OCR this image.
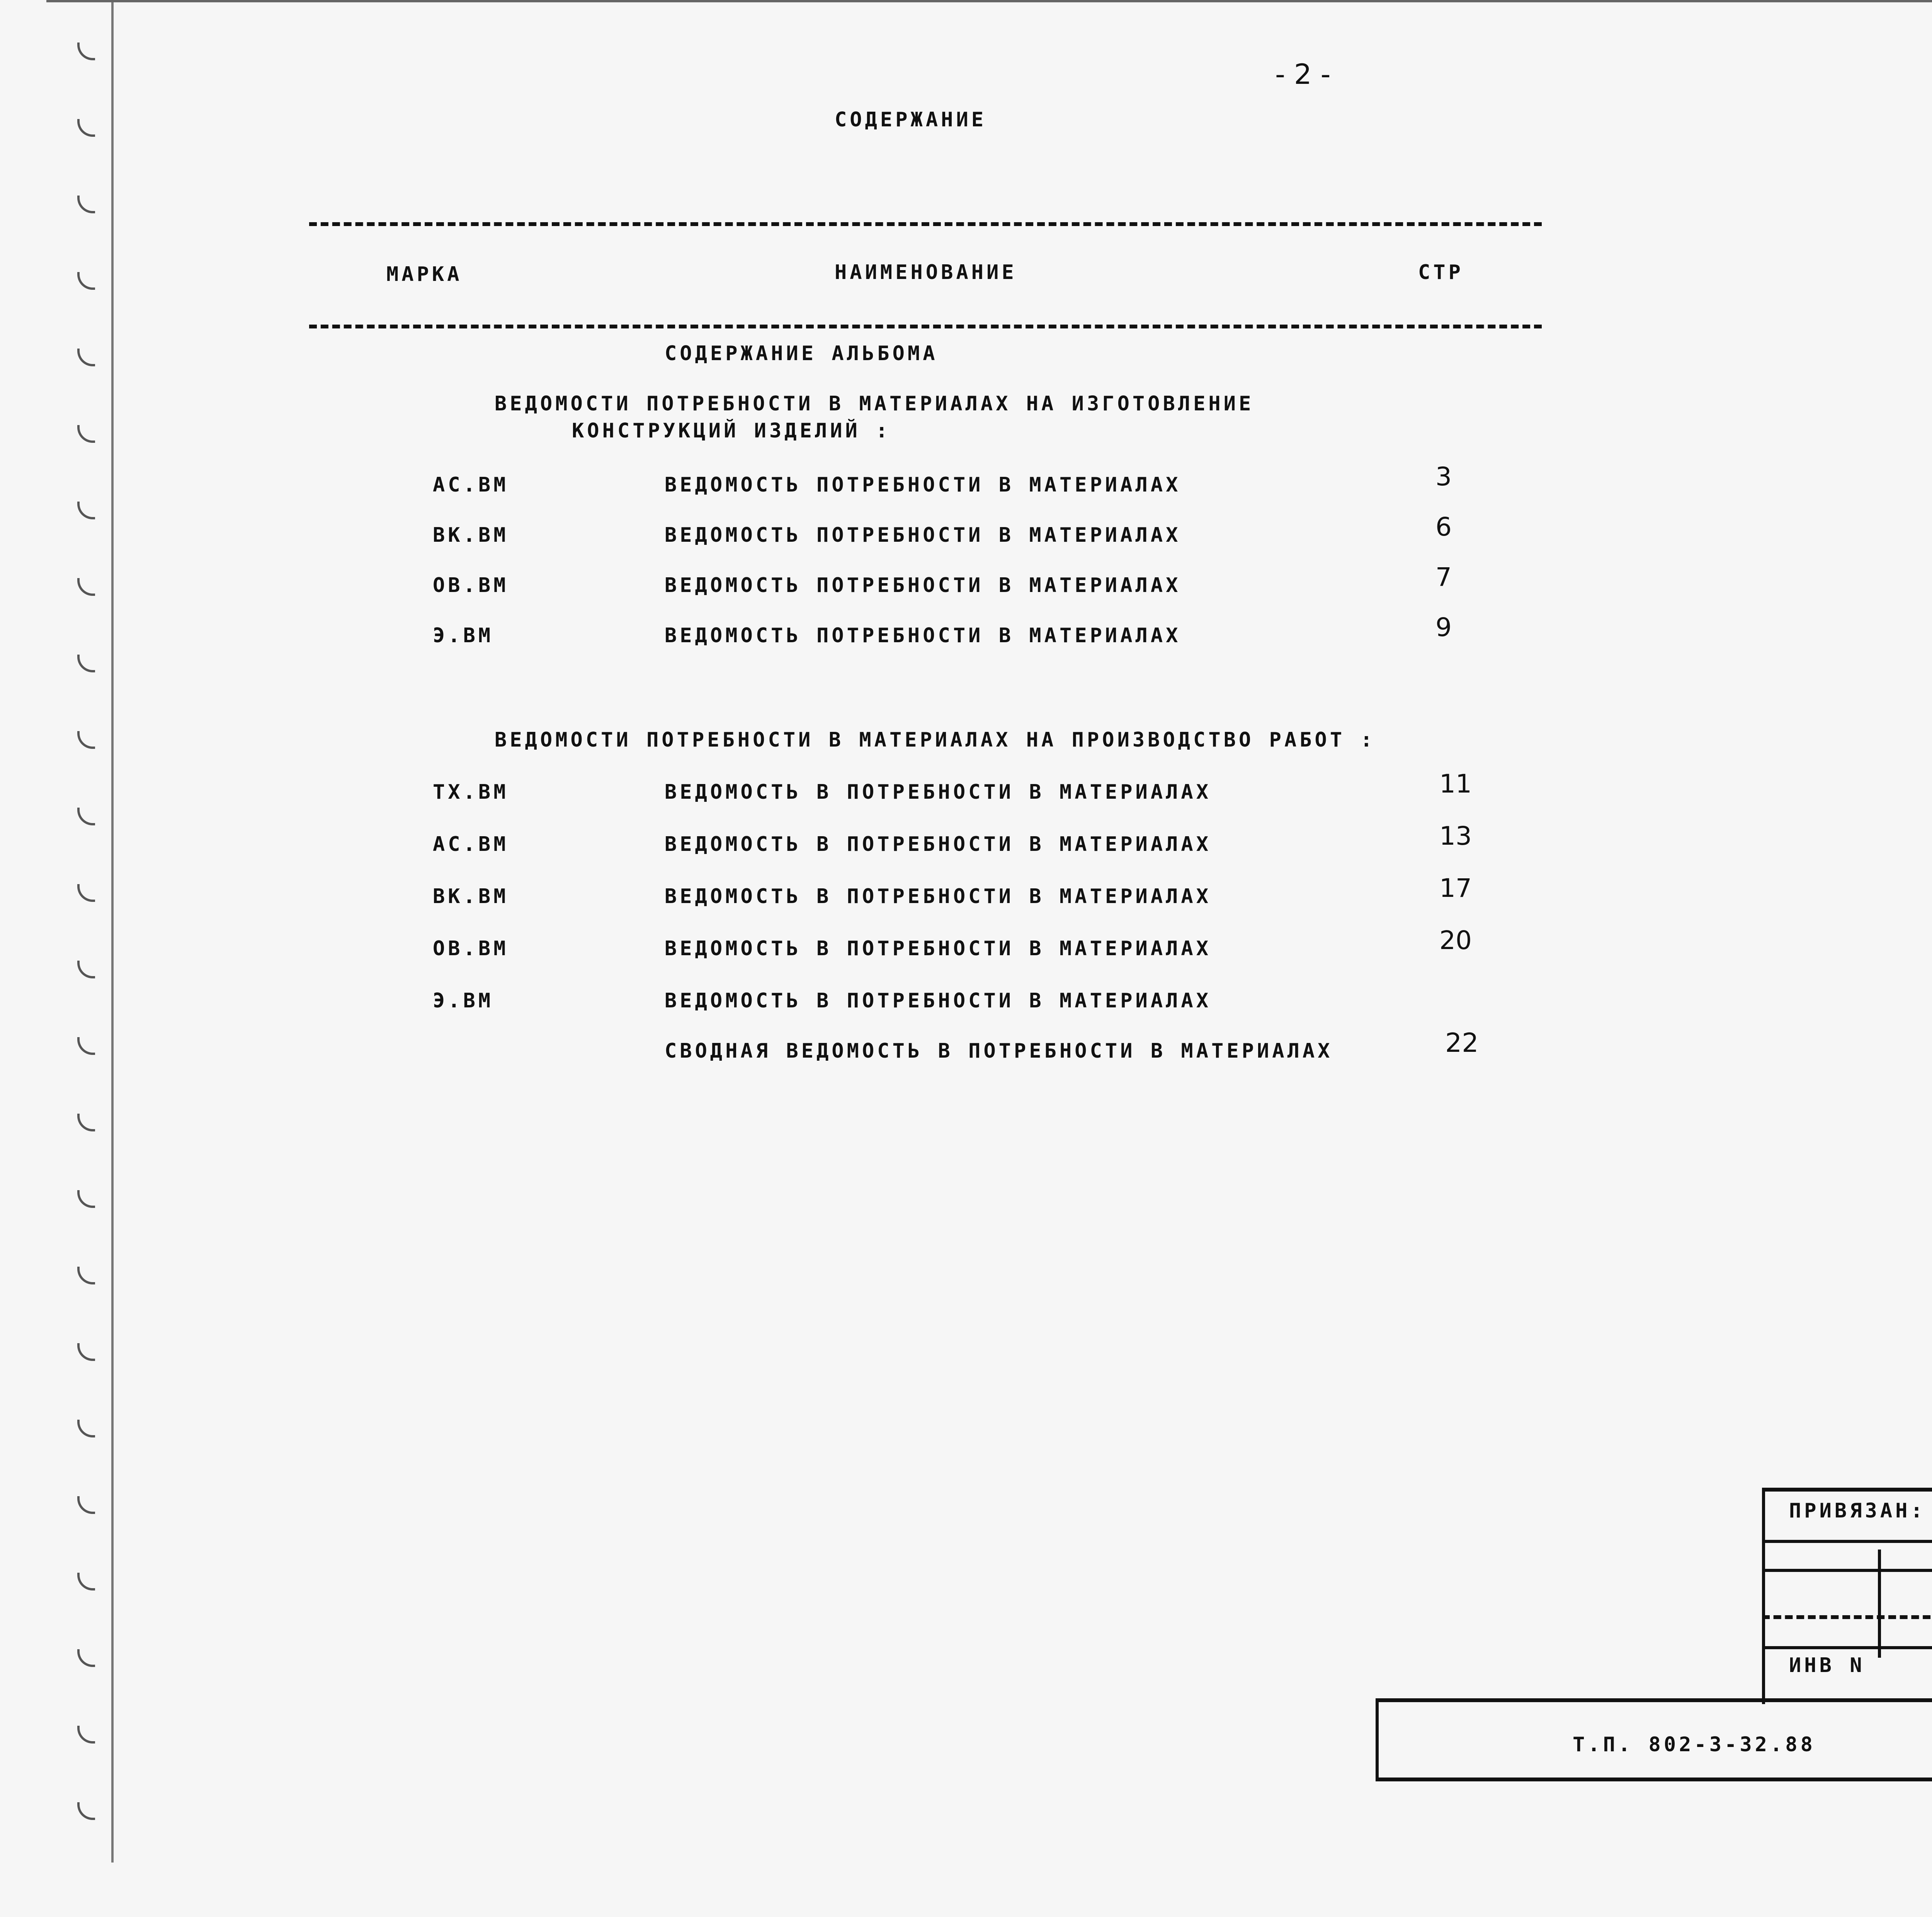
- 2 -
СОДЕРЖАНИЕ
МАРКА	НАИМЕНОВАНИЕ	СТР
СОДЕРЖАНИЕ АЛЬБОМА
ВЕДОМОСТИ ПОТРЕБНОСТИ В МАТЕРИАЛАХ НА ИЗГОТОВЛЕНИЕ
КОНСТРУКЦИЙ ИЗДЕЛИЙ :
ВЕДОМОСТИ ПОТРЕБНОСТИ В МАТЕРИАЛАХ НА ПРОИЗВОДСТВО РАБОТ :
АС.ВМ	ВЕДОМОСТЬ ПОТРЕБНОСТИ В МАТЕРИАЛАХ	3
ВК.ВМ	ВЕДОМОСТЬ ПОТРЕБНОСТИ В МАТЕРИАЛАХ	6
ОВ.ВМ	ВЕДОМОСТЬ ПОТРЕБНОСТИ В МАТЕРИАЛАХ	7
Э.ВМ	ВЕДОМОСТЬ ПОТРЕБНОСТИ В МАТЕРИАЛАХ	9
ТХ.ВМ	ВЕДОМОСТЬ В ПОТРЕБНОСТИ В МАТЕРИАЛАХ	11
АС.ВМ	ВЕДОМОСТЬ В ПОТРЕБНОСТИ В МАТЕРИАЛАХ	13
ВК.ВМ	ВЕДОМОСТЬ В ПОТРЕБНОСТИ В МАТЕРИАЛАХ	17
ОВ.ВМ	ВЕДОМОСТЬ В ПОТРЕБНОСТИ В МАТЕРИАЛАХ	20
Э.ВМ	ВЕДОМОСТЬ В ПОТРЕБНОСТИ В МАТЕРИАЛАХ
СВОДНАЯ ВЕДОМОСТЬ В ПОТРЕБНОСТИ В МАТЕРИАЛАХ	22
ПРИВЯЗАН:
ИНВ N
Т.П. 802-3-32.88
